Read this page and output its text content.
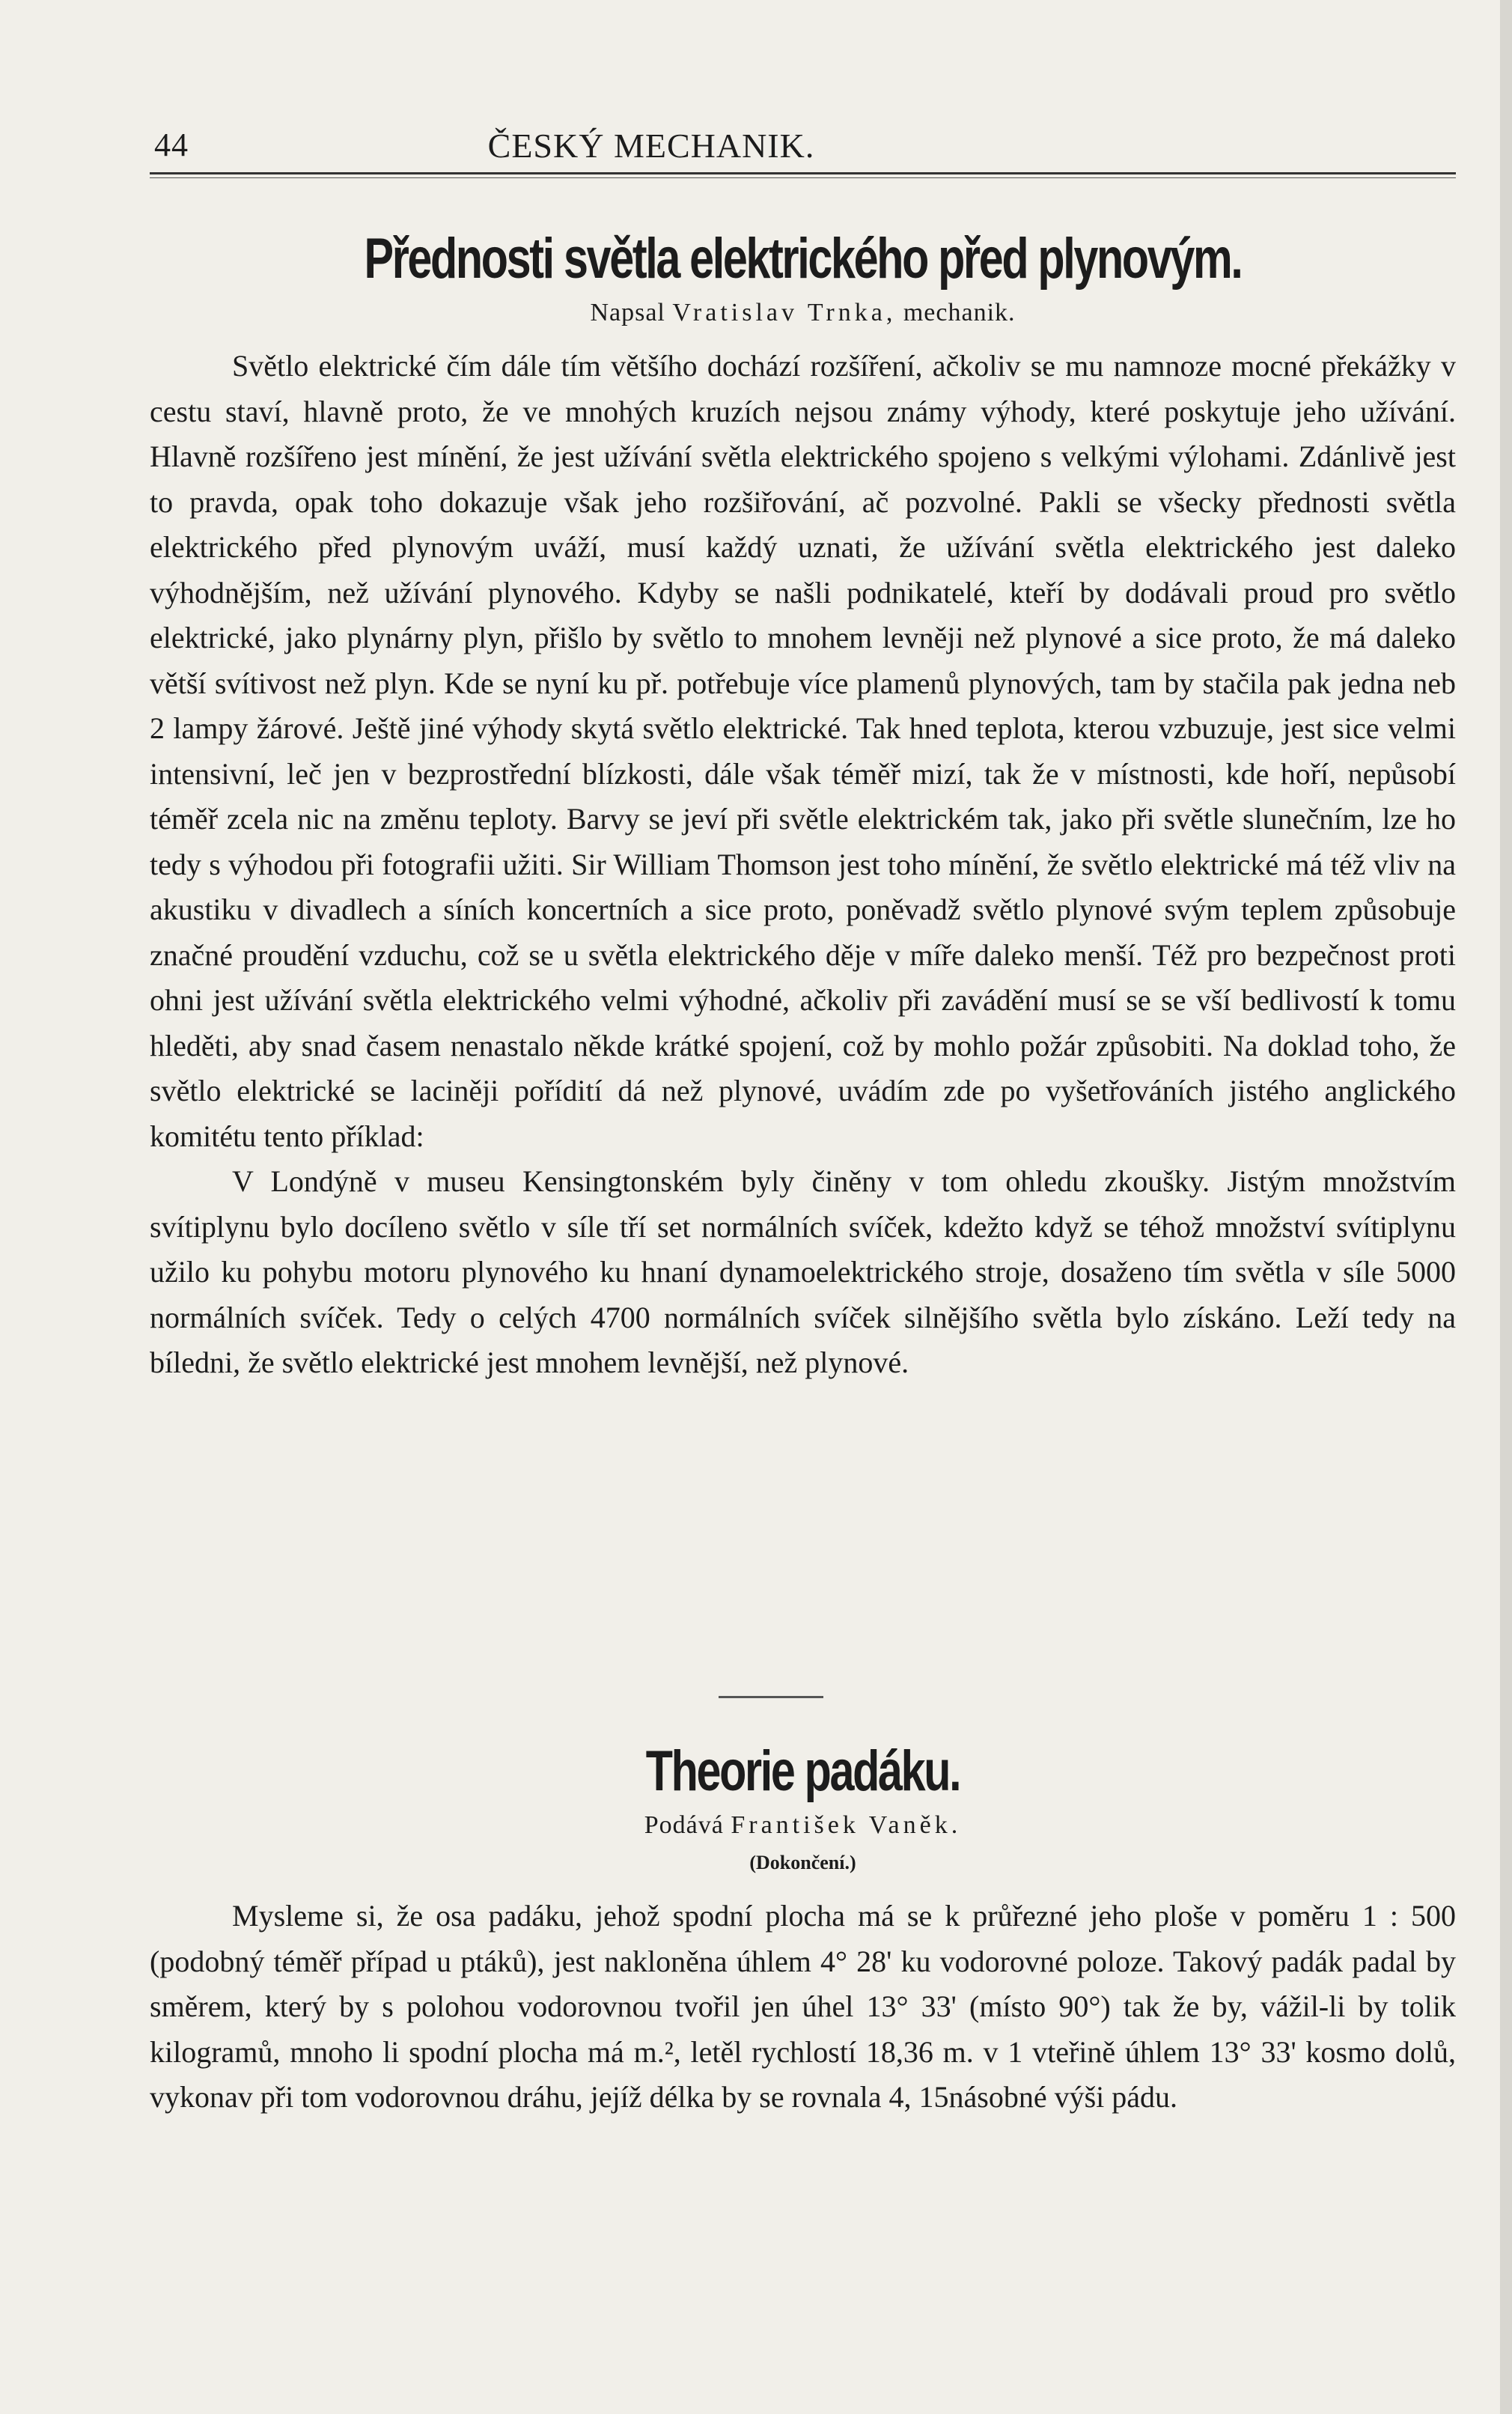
44	ČESKÝ MECHANIK.
Přednosti světla elektrického před plynovým.
Napsal Vratislav Trnka, mechanik.

Světlo elektrické čím dále tím většího dochází rozšíření, ačkoliv se mu namnoze mocné překážky v cestu staví, hlavně proto, že ve mnohých kruzích nejsou známy výhody, které poskytuje jeho užívání. Hlavně rozšířeno jest mínění, že jest užívání světla elektrického spojeno s velkými výlohami. Zdánlivě jest to pravda, opak toho dokazuje však jeho rozšiřování, ač pozvolné. Pakli se všecky přednosti světla elektrického před plynovým uváží, musí každý uznati, že užívání světla elektrického jest daleko výhodnějším, než užívání plynového. Kdyby se našli podnikatelé, kteří by dodávali proud pro světlo elektrické, jako plynárny plyn, přišlo by světlo to mnohem levněji než plynové a sice proto, že má daleko větší svítivost než plyn. Kde se nyní ku př. potřebuje více plamenů plynových, tam by stačila pak jedna neb 2 lampy žárové. Ještě jiné výhody skytá světlo elektrické. Tak hned teplota, kterou vzbuzuje, jest sice velmi intensivní, leč jen v bezprostřední blízkosti, dále však téměř mizí, tak že v místnosti, kde hoří, nepůsobí téměř zcela nic na změnu teploty. Barvy se jeví při světle elektrickém tak, jako při světle slunečním, lze ho tedy s výhodou při fotografii užiti. Sir William Thomson jest toho mínění, že světlo elektrické má též vliv na akustiku v divadlech a síních koncertních a sice proto, poněvadž světlo plynové svým teplem způsobuje značné proudění vzduchu, což se u světla elektrického děje v míře daleko menší. Též pro bezpečnost proti ohni jest užívání světla elektrického velmi výhodné, ačkoliv při zavádění musí se se vší bedlivostí k tomu hleděti, aby snad časem nenastalo někde krátké spojení, což by mohlo požár způsobiti. Na doklad toho, že světlo elektrické se laciněji pořídití dá než plynové, uvádím zde po vyšetřováních jistého anglického komitétu tento příklad:

V Londýně v museu Kensingtonském byly činěny v tom ohledu zkoušky. Jistým množstvím svítiplynu bylo docíleno světlo v síle tří set normálních svíček, kdežto když se téhož množství svítiplynu užilo ku pohybu motoru plynového ku hnaní dynamoelektrického stroje, dosaženo tím světla v síle 5000 normálních svíček. Tedy o celých 4700 normálních svíček silnějšího světla bylo získáno. Leží tedy na bíledni, že světlo elektrické jest mnohem levnější, než plynové.

Theorie padáku.
Podává František Vaněk.
(Dokončení.)

Mysleme si, že osa padáku, jehož spodní plocha má se k průřezné jeho ploše v poměru 1 : 500 (podobný téměř případ u ptáků), jest nakloněna úhlem 4° 28' ku vodorovné poloze. Takový padák padal by směrem, který by s polohou vodorovnou tvořil jen úhel 13° 33' (místo 90°) tak že by, vážil-li by tolik kilogramů, mnoho li spodní plocha má m.², letěl rychlostí 18,36 m. v 1 vteřině úhlem 13° 33' kosmo dolů, vykonav při tom vodorovnou dráhu, jejíž délka by se rovnala 4, 15násobné výši pádu.
